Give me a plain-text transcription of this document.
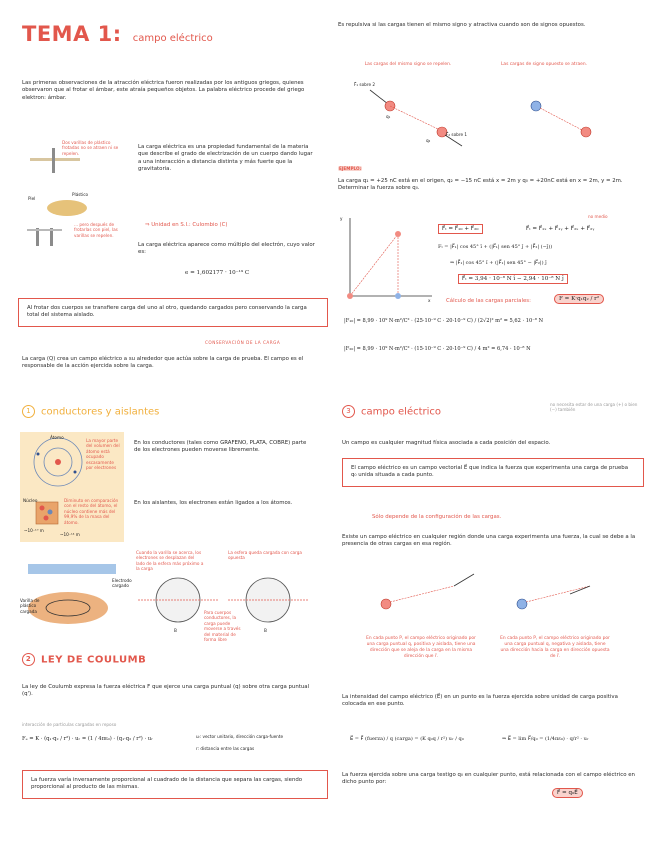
TEMA 1: campo eléctrico
Las primeras observaciones de la atracción eléctrica fueron realizadas por los antiguos griegos, quienes observaron que al frotar el ámbar, este atraía pequeños objetos. La palabra eléctrico procede del griego elektron: ámbar.
Dos varillas de plástico frotadas no se atraen ni se repelen.
Piel
Plástico
... pero después de frotarlas con piel, las varillas se repelen.
La carga eléctrica es una propiedad fundamental de la materia que describe el grado de electrización de un cuerpo dando lugar a una interacción a distancia distinta y más fuerte que la gravitatoria.
⇒ Unidad en S.I.: Culombio (C)
La carga eléctrica aparece como múltiplo del electrón, cuyo valor es:
e = 1,602177 · 10⁻¹⁹ C
Al frotar dos cuerpos se transfiere carga del uno al otro, quedando cargados pero conservando la carga total del sistema aislado.
CONSERVACIÓN DE LA CARGA
La carga (Q) crea un campo eléctrico a su alrededor que actúa sobre la carga de prueba. El campo es el responsable de la acción ejercida sobre la carga.
1 conductores y aislantes
Átomo
Núcleo
La mayor parte del volumen del átomo está ocupado escasamente por electrones
Diminuto en comparación con el resto del átomo, el núcleo contiene más del 99,9% de la masa del átomo.
~10⁻¹⁰ m
~10⁻¹⁴ m
En los conductores (tales como GRAFENO, PLATA, COBRE) parte de los electrones pueden moverse libremente.
En los aislantes, los electrones están ligados a los átomos.
Varilla de plástico cargada
Electrodo cargado
Cuando la varilla se acerca, los electrones se desplazan del lado de la esfera más próximo a la carga
La esfera queda cargada con carga opuesta
Para cuerpos conductores, la carga puede moverse a través del material de forma libre
B	B
2 LEY DE COULUMB
La ley de Coulumb expresa la fuerza eléctrica F que ejerce una carga puntual (q) sobre otra carga puntual (q').
interacción de partículas cargadas en reposo
Fₑ = K · (q₁·q₂ / r²) · uᵣ = (1 / 4πε₀) · (q₁·q₂ / r²) · uᵣ	uᵣ: vector unitario, dirección carga-fuente
r: distancia entre las cargas
La fuerza varía inversamente proporcional al cuadrado de la distancia que separa las cargas, siendo proporcional al producto de las mismas.
Es repulsiva si las cargas tienen el mismo signo y atractiva cuando son de signos opuestos.
Las cargas del mismo signo se repelen.	Las cargas de signo opuesto se atraen.
F⃗₁ sobre 2
F⃗₂ sobre 1
q₁
q₂
EJEMPLO:
La carga q₁ = +25 nC está en el origen, q₂ = −15 nC está x = 2m y q₀ = +20nC está en x = 2m, y = 2m. Determinar la fuerza sobre q₀.
x
y
F⃗ₜ = F⃗₁₀ + F⃗₂₀	F⃗ₜ = F⃗₁ₓ + F⃗₁ᵧ + F⃗₂ₓ + F⃗₂ᵧ
no medio
Fₜ = |F⃗₁| cos 45° î + (|F⃗₁| sen 45° ĵ + |F⃗₂| (−ĵ))
⇒ |F⃗₁| cos 45° î + (|F⃗₁| sen 45° − |F⃗₂|) ĵ
F⃗ₜ = 3,94 · 10⁻⁸ N î − 2,94 · 10⁻⁸ N ĵ
Cálculo de las cargas parciales:	F = K·q₁q₂ / r²
|F₁₀| = 8,99 · 10⁹ N·m²/C² · (25·10⁻⁹ C · 20·10⁻⁹ C) / (2√2)² m² = 5,62 · 10⁻⁸ N
|F₂₀| = 8,99 · 10⁹ N·m²/C² · (15·10⁻⁹ C · 20·10⁻⁹ C) / 4 m² = 6,74 · 10⁻⁸ N
3 campo eléctrico
no necesita estar de una carga (+) o bien (−) también
Un campo es cualquier magnitud física asociada a cada posición del espacio.
El campo eléctrico es un campo vectorial E⃗ que indica la fuerza que experimenta una carga de prueba q₀ unida situada a cada punto.
Sólo depende de la configuración de las cargas.
Existe un campo eléctrico en cualquier región donde una carga experimenta una fuerza, la cual se debe a la presencia de otras cargas en esa región.
En cada punto P, el campo eléctrico originado por una carga puntual q, positiva y aislada, tiene una dirección que se aleja de la carga en la misma dirección que r̂.
En cada punto P, el campo eléctrico originado por una carga puntual q, negativa y aislada, tiene una dirección hacia la carga en dirección opuesta de r̂.
La intensidad del campo eléctrico (E⃗) en un punto es la fuerza ejercida sobre unidad de carga positiva colocada en ese punto.
E⃗ = F⃗ (fuerza) / q (carga) = (K q₀q / r²) uᵣ / q₀	⇒ E⃗ = lim F⃗/q₀ = (1/4πε₀) · q/r² · uᵣ
La fuerza ejercida sobre una carga testigo q₀ en cualquier punto, está relacionada con el campo eléctrico en dicho punto por:
F⃗ = q₀E⃗
